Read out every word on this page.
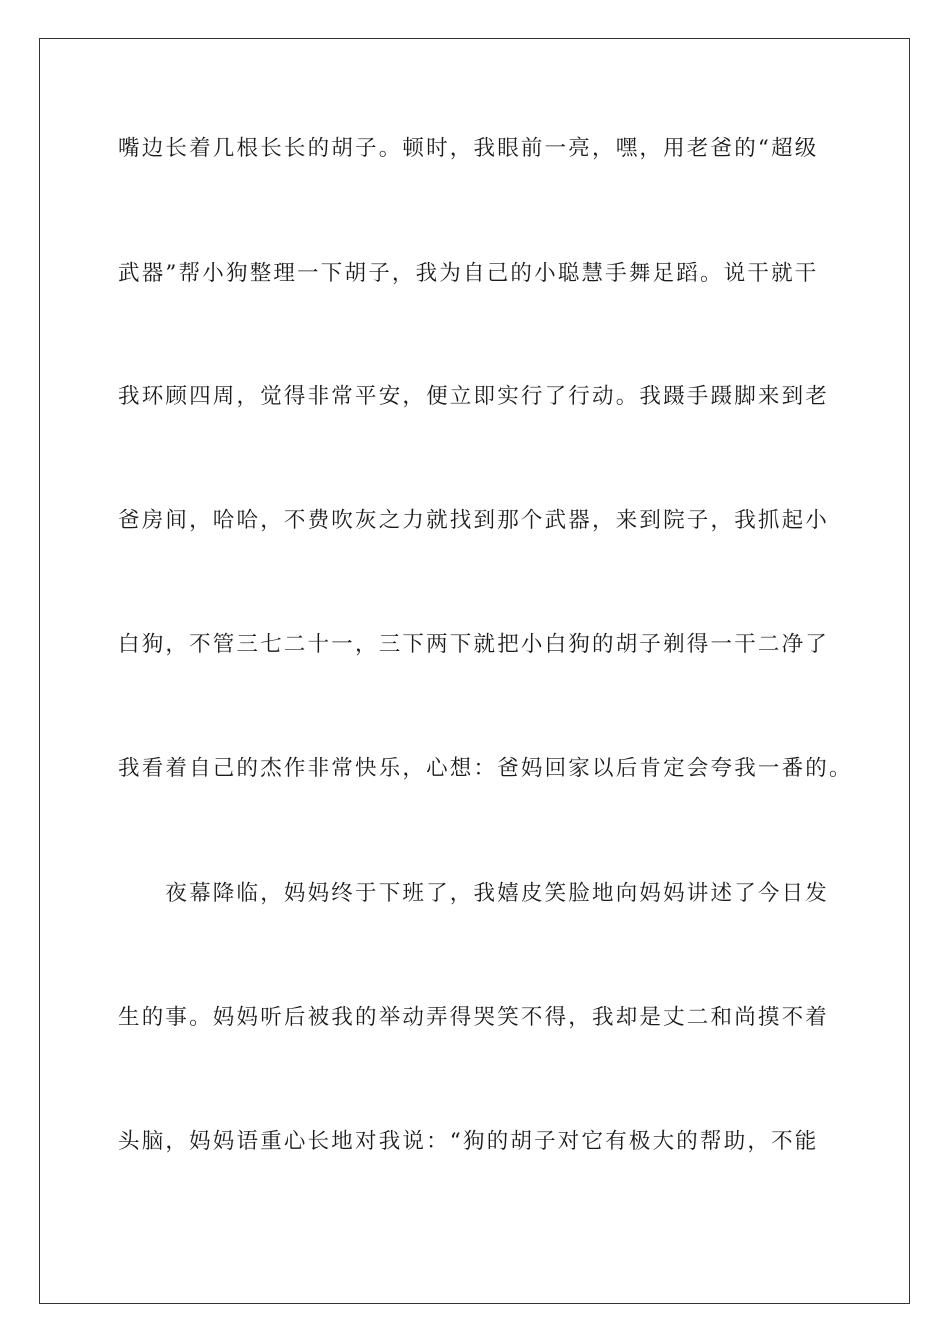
嘴边长着几根长长的胡子。顿时，我眼前一亮，嘿，用老爸的“超级
武器”帮小狗整理一下胡子，我为自己的小聪慧手舞足蹈。说干就干
我环顾四周，觉得非常平安，便立即实行了行动。我蹑手蹑脚来到老
爸房间，哈哈，不费吹灰之力就找到那个武器，来到院子，我抓起小
白狗，不管三七二十一，三下两下就把小白狗的胡子剃得一干二净了
我看着自己的杰作非常快乐，心想：爸妈回家以后肯定会夸我一番的。
　　夜幕降临，妈妈终于下班了，我嬉皮笑脸地向妈妈讲述了今日发
生的事。妈妈听后被我的举动弄得哭笑不得，我却是丈二和尚摸不着
头脑，妈妈语重心长地对我说：“狗的胡子对它有极大的帮助，不能
